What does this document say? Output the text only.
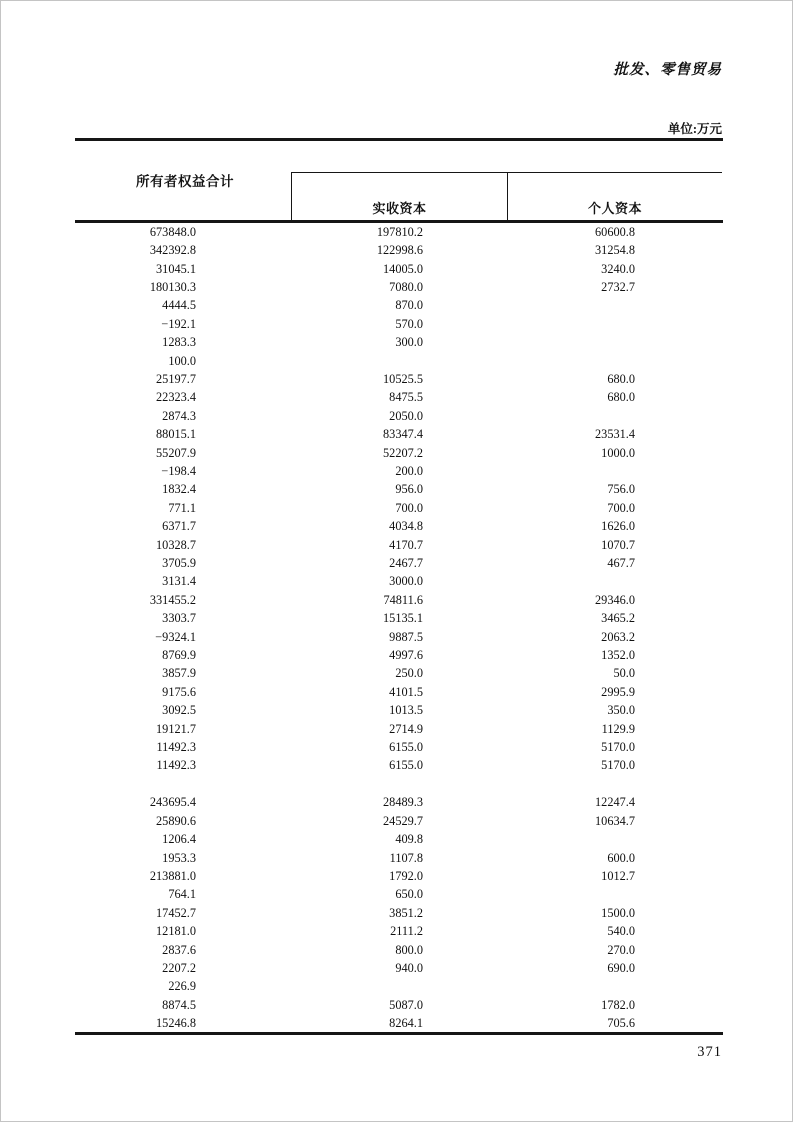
批发、零售贸易
单位:万元
所有者权益合计
实收资本	个人资本
673848.0	197810.2	60600.8
342392.8	122998.6	31254.8
31045.1	14005.0	3240.0
180130.3	7080.0	2732.7
4444.5	870.0
−192.1	570.0
1283.3	300.0
100.0
25197.7	10525.5	680.0
22323.4	8475.5	680.0
2874.3	2050.0
88015.1	83347.4	23531.4
55207.9	52207.2	1000.0
−198.4	200.0
1832.4	956.0	756.0
771.1	700.0	700.0
6371.7	4034.8	1626.0
10328.7	4170.7	1070.7
3705.9	2467.7	467.7
3131.4	3000.0
331455.2	74811.6	29346.0
3303.7	15135.1	3465.2
−9324.1	9887.5	2063.2
8769.9	4997.6	1352.0
3857.9	250.0	50.0
9175.6	4101.5	2995.9
3092.5	1013.5	350.0
19121.7	2714.9	1129.9
11492.3	6155.0	5170.0
11492.3	6155.0	5170.0
243695.4	28489.3	12247.4
25890.6	24529.7	10634.7
1206.4	409.8
1953.3	1107.8	600.0
213881.0	1792.0	1012.7
764.1	650.0
17452.7	3851.2	1500.0
12181.0	2111.2	540.0
2837.6	800.0	270.0
2207.2	940.0	690.0
226.9
8874.5	5087.0	1782.0
15246.8	8264.1	705.6
371
